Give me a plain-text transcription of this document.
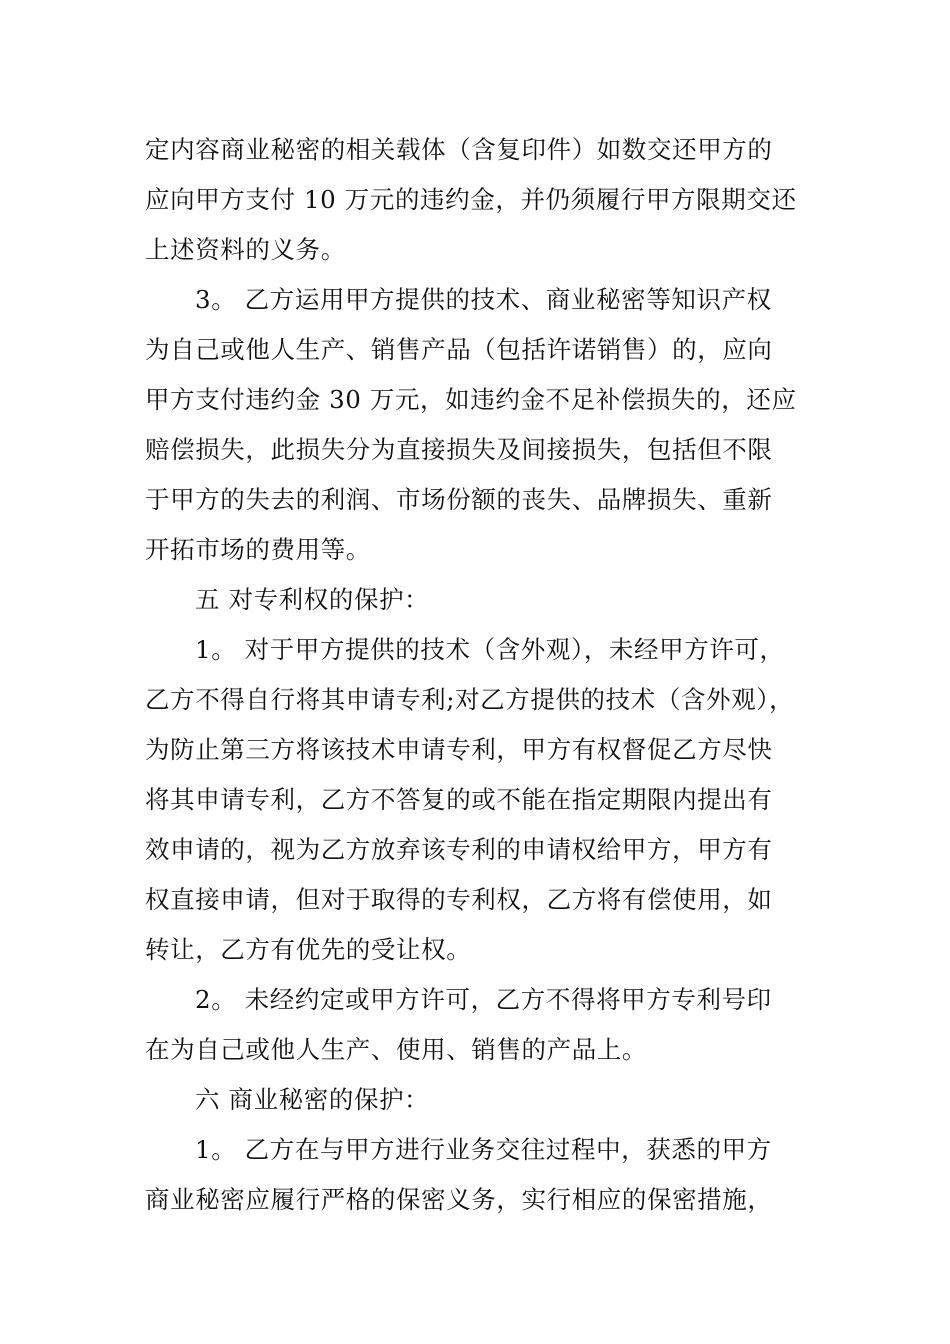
定内容商业秘密的相关载体（含复印件）如数交还甲方的
应向甲方支付 10 万元的违约金，并仍须履行甲方限期交还
上述资料的义务。
3。 乙方运用甲方提供的技术、商业秘密等知识产权
为自己或他人生产、销售产品（包括许诺销售）的，应向
甲方支付违约金 30 万元，如违约金不足补偿损失的，还应
赔偿损失，此损失分为直接损失及间接损失，包括但不限
于甲方的失去的利润、市场份额的丧失、品牌损失、重新
开拓市场的费用等。
五 对专利权的保护：
1。 对于甲方提供的技术（含外观），未经甲方许可，
乙方不得自行将其申请专利;对乙方提供的技术（含外观），
为防止第三方将该技术申请专利，甲方有权督促乙方尽快
将其申请专利，乙方不答复的或不能在指定期限内提出有
效申请的，视为乙方放弃该专利的申请权给甲方，甲方有
权直接申请，但对于取得的专利权，乙方将有偿使用，如
转让，乙方有优先的受让权。
2。 未经约定或甲方许可，乙方不得将甲方专利号印
在为自己或他人生产、使用、销售的产品上。
六 商业秘密的保护：
1。 乙方在与甲方进行业务交往过程中，获悉的甲方
商业秘密应履行严格的保密义务，实行相应的保密措施，
